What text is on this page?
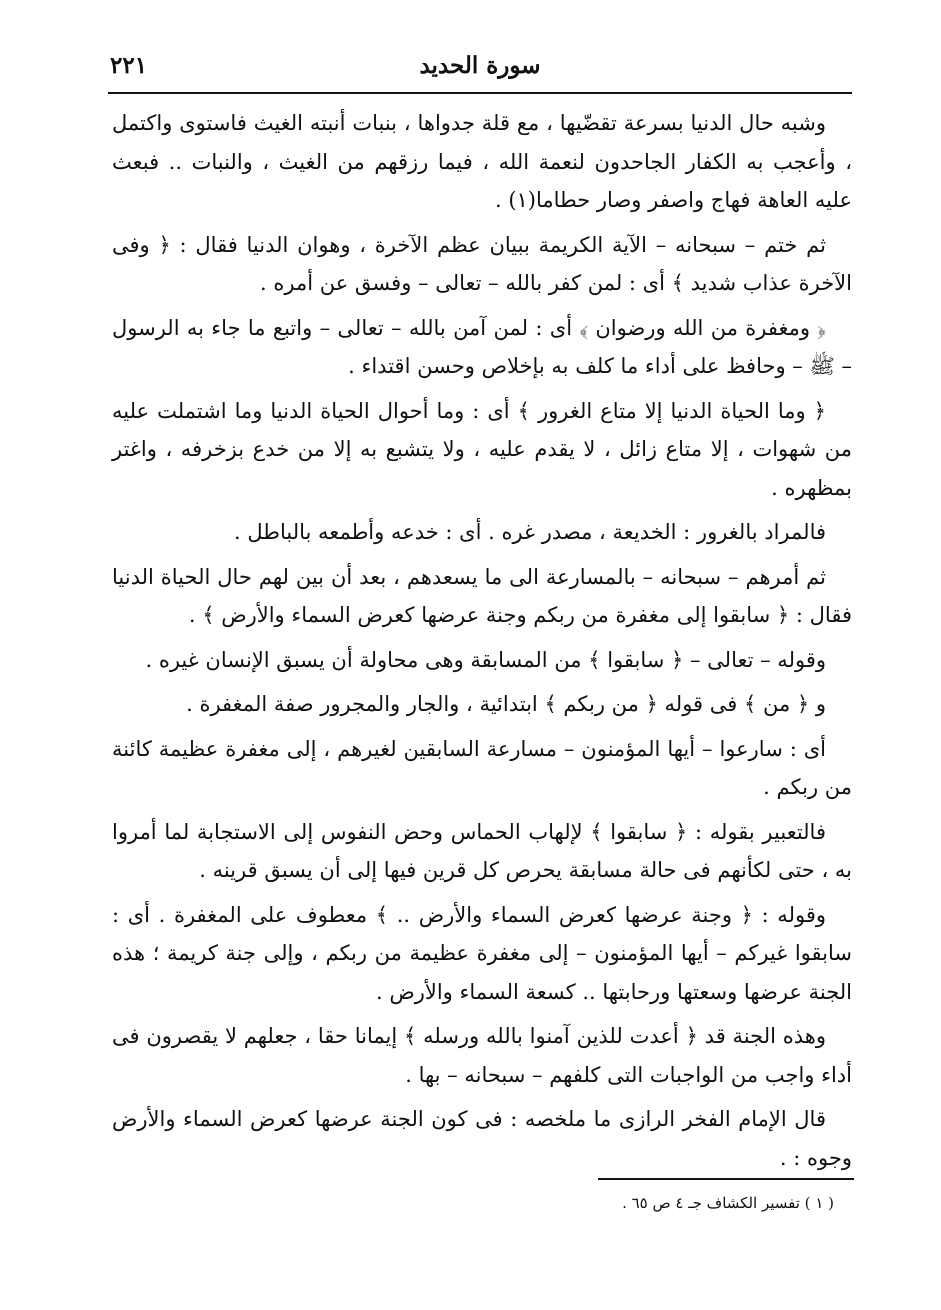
سورة الحديد
٢٢١

وشبه حال الدنيا بسرعة تقضّيها ، مع قلة جدواها ، بنبات أنبته الغيث فاستوى واكتمل ، وأعجب به الكفار الجاحدون لنعمة الله ، فيما رزقهم من الغيث ، والنبات .. فبعث عليه العاهة فهاج واصفر وصار حطاما(١) .

ثم ختم – سبحانه – الآية الكريمة ببيان عظم الآخرة ، وهوان الدنيا فقال : ﴿ وفى الآخرة عذاب شديد ﴾ أى : لمن كفر بالله – تعالى – وفسق عن أمره .

﴿ ومغفرة من الله ورضوان ﴾ أى : لمن آمن بالله – تعالى – واتبع ما جاء به الرسول – ﷺ – وحافظ على أداء ما كلف به بإخلاص وحسن اقتداء .

﴿ وما الحياة الدنيا إلا متاع الغرور ﴾ أى : وما أحوال الحياة الدنيا وما اشتملت عليه من شهوات ، إلا متاع زائل ، لا يقدم عليه ، ولا يتشبع به إلا من خدع بزخرفه ، واغتر بمظهره .

فالمراد بالغرور : الخديعة ، مصدر غره . أى : خدعه وأطمعه بالباطل .

ثم أمرهم – سبحانه – بالمسارعة الى ما يسعدهم ، بعد أن بين لهم حال الحياة الدنيا فقال : ﴿ سابقوا إلى مغفرة من ربكم وجنة عرضها كعرض السماء والأرض ﴾ .

وقوله – تعالى – ﴿ سابقوا ﴾ من المسابقة وهى محاولة أن يسبق الإنسان غيره .

و ﴿ من ﴾ فى قوله ﴿ من ربكم ﴾ ابتدائية ، والجار والمجرور صفة المغفرة .

أى : سارعوا – أيها المؤمنون – مسارعة السابقين لغيرهم ، إلى مغفرة عظيمة كائنة من ربكم .

فالتعبير بقوله : ﴿ سابقوا ﴾ لإلهاب الحماس وحض النفوس إلى الاستجابة لما أمروا به ، حتى لكأنهم فى حالة مسابقة يحرص كل قرين فيها إلى أن يسبق قرينه .

وقوله : ﴿ وجنة عرضها كعرض السماء والأرض .. ﴾ معطوف على المغفرة . أى : سابقوا غيركم – أيها المؤمنون – إلى مغفرة عظيمة من ربكم ، وإلى جنة كريمة ؛ هذه الجنة عرضها وسعتها ورحابتها .. كسعة السماء والأرض .

وهذه الجنة قد ﴿ أعدت للذين آمنوا بالله ورسله ﴾ إيمانا حقا ، جعلهم لا يقصرون فى أداء واجب من الواجبات التى كلفهم – سبحانه – بها .

قال الإمام الفخر الرازى ما ملخصه : فى كون الجنة عرضها كعرض السماء والأرض وجوه : .

( ١ ) تفسير الكشاف جـ ٤ ص ٦٥ .
